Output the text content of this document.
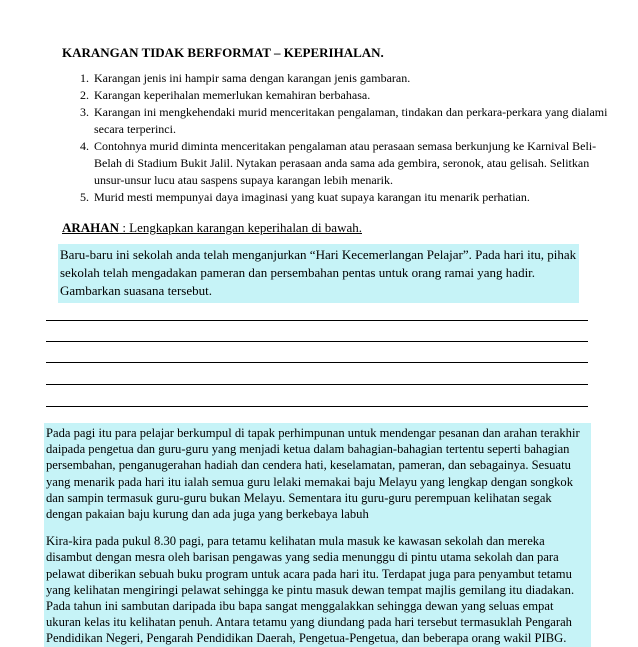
KARANGAN TIDAK BERFORMAT – KEPERIHALAN.
1. Karangan jenis ini hampir sama dengan karangan jenis gambaran.
2. Karangan keperihalan memerlukan kemahiran berbahasa.
3. Karangan ini mengkehendaki murid menceritakan pengalaman, tindakan dan perkara-perkara yang dialami secara terperinci.
4. Contohnya murid diminta menceritakan pengalaman atau perasaan semasa berkunjung ke Karnival Beli-Belah di Stadium Bukit Jalil. Nytakan perasaan anda sama ada gembira, seronok, atau gelisah. Selitkan unsur-unsur lucu atau saspens supaya karangan lebih menarik.
5. Murid mesti mempunyai daya imaginasi yang kuat supaya karangan itu menarik perhatian.
ARAHAN : Lengkapkan karangan keperihalan di bawah.
Baru-baru ini sekolah anda telah menganjurkan “Hari Kecemerlangan Pelajar”. Pada hari itu, pihak sekolah telah mengadakan pameran dan persembahan pentas untuk orang ramai yang hadir. Gambarkan suasana tersebut.

Pada pagi itu para pelajar berkumpul di tapak perhimpunan untuk mendengar pesanan dan arahan terakhir daipada pengetua dan guru-guru yang menjadi ketua dalam bahagian-bahagian tertentu seperti bahagian persembahan, penganugerahan hadiah dan cendera hati, keselamatan, pameran, dan sebagainya. Sesuatu yang menarik pada hari itu ialah semua guru lelaki memakai baju Melayu yang lengkap dengan songkok dan sampin termasuk guru-guru bukan Melayu. Sementara itu guru-guru perempuan kelihatan segak dengan pakaian baju kurung dan ada juga yang berkebaya labuh

Kira-kira pada pukul 8.30 pagi, para tetamu kelihatan mula masuk ke kawasan sekolah dan mereka disambut dengan mesra oleh barisan pengawas yang sedia menunggu di pintu utama sekolah dan para pelawat diberikan sebuah buku program untuk acara pada hari itu. Terdapat juga para penyambut tetamu yang kelihatan mengiringi pelawat sehingga ke pintu masuk dewan tempat majlis gemilang itu diadakan. Pada tahun ini sambutan daripada ibu bapa sangat menggalakkan sehingga dewan yang seluas empat ukuran kelas itu kelihatan penuh. Antara tetamu yang diundang pada hari tersebut termasuklah Pengarah Pendidikan Negeri, Pengarah Pendidikan Daerah, Pengetua-Pengetua, dan beberapa orang wakil PIBG.
